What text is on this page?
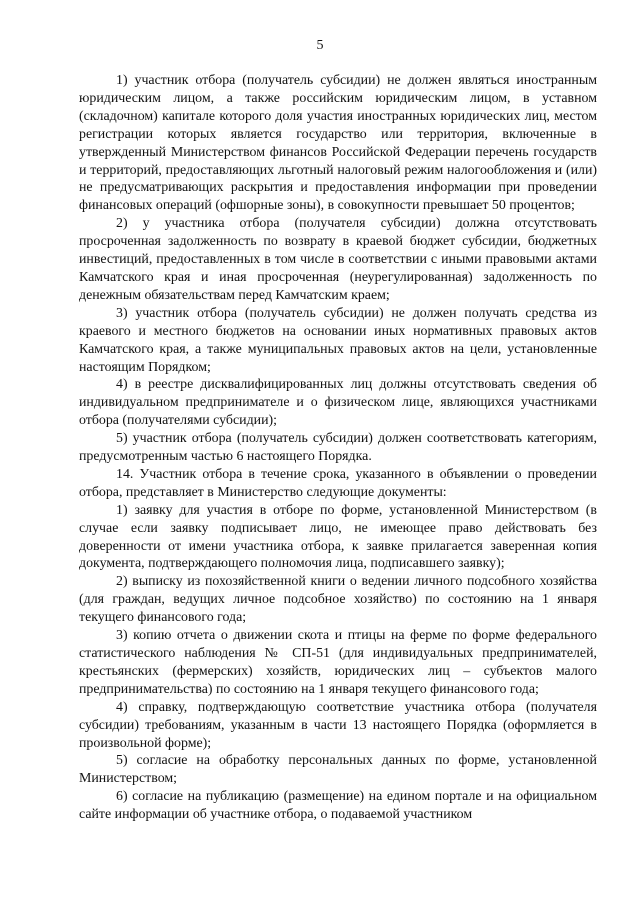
5

1) участник отбора (получатель субсидии) не должен являться иностранным юридическим лицом, а также российским юридическим лицом, в уставном (складочном) капитале которого доля участия иностранных юридических лиц, местом регистрации которых является государство или территория, включенные в утвержденный Министерством финансов Российской Федерации перечень государств и территорий, предоставляющих льготный налоговый режим налогообложения и (или) не предусматривающих раскрытия и предоставления информации при проведении финансовых операций (офшорные зоны), в совокупности превышает 50 процентов;

2) у участника отбора (получателя субсидии) должна отсутствовать просроченная задолженность по возврату в краевой бюджет субсидии, бюджетных инвестиций, предоставленных в том числе в соответствии с иными правовыми актами Камчатского края и иная просроченная (неурегулированная) задолженность по денежным обязательствам перед Камчатским краем;

3) участник отбора (получатель субсидии) не должен получать средства из краевого и местного бюджетов на основании иных нормативных правовых актов Камчатского края, а также муниципальных правовых актов на цели, установленные настоящим Порядком;

4) в реестре дисквалифицированных лиц должны отсутствовать сведения об индивидуальном предпринимателе и о физическом лице, являющихся участниками отбора (получателями субсидии);

5) участник отбора (получатель субсидии) должен соответствовать категориям, предусмотренным частью 6 настоящего Порядка.

14. Участник отбора в течение срока, указанного в объявлении о проведении отбора, представляет в Министерство следующие документы:

1) заявку для участия в отборе по форме, установленной Министерством (в случае если заявку подписывает лицо, не имеющее право действовать без доверенности от имени участника отбора, к заявке прилагается заверенная копия документа, подтверждающего полномочия лица, подписавшего заявку);

2) выписку из похозяйственной книги о ведении личного подсобного хозяйства (для граждан, ведущих личное подсобное хозяйство) по состоянию на 1 января текущего финансового года;

3) копию отчета о движении скота и птицы на ферме по форме федерального статистического наблюдения № СП-51 (для индивидуальных предпринимателей, крестьянских (фермерских) хозяйств, юридических лиц – субъектов малого предпринимательства) по состоянию на 1 января текущего финансового года;

4) справку, подтверждающую соответствие участника отбора (получателя субсидии) требованиям, указанным в части 13 настоящего Порядка (оформляется в произвольной форме);

5) согласие на обработку персональных данных по форме, установленной Министерством;

6) согласие на публикацию (размещение) на едином портале и на официальном сайте информации об участнике отбора, о подаваемой участником
